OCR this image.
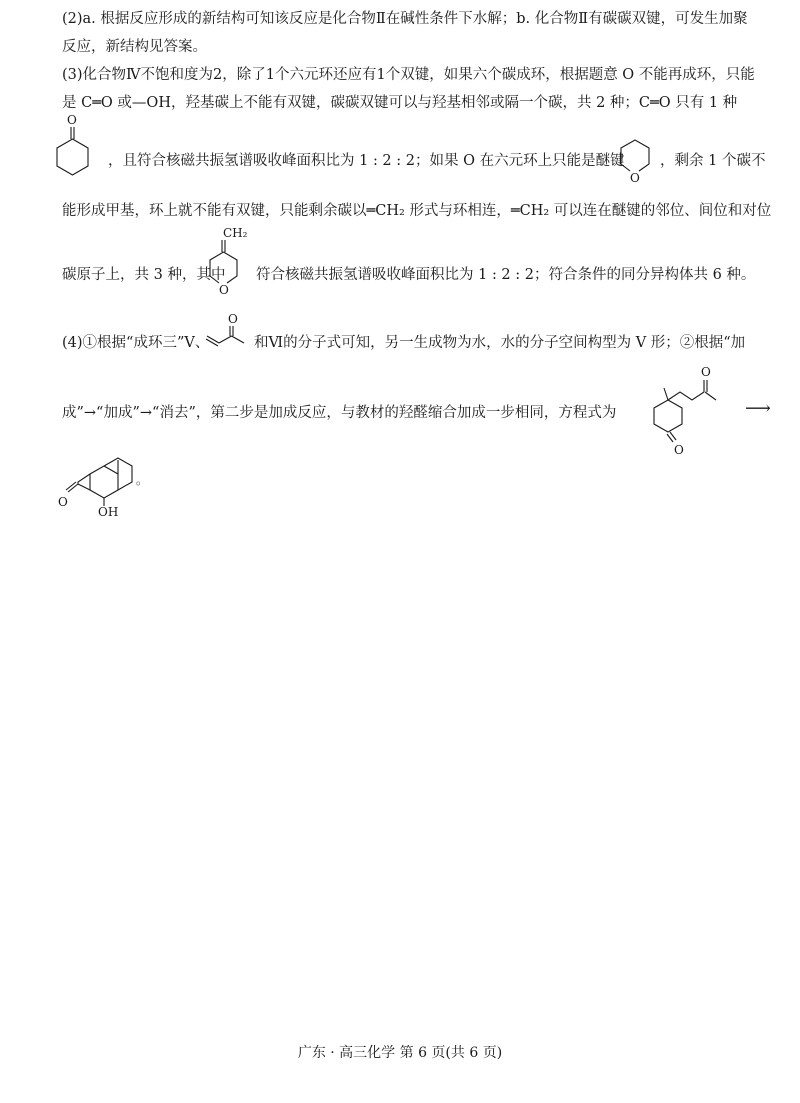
(2)a. 根据反应形成的新结构可知该反应是化合物Ⅱ在碱性条件下水解；b. 化合物Ⅱ有碳碳双键，可发生加聚
反应，新结构见答案。
(3)化合物Ⅳ不饱和度为2，除了1个六元环还应有1个双键，如果六个碳成环，根据题意 O 不能再成环，只能
是 C═O 或—OH，羟基碳上不能有双键，碳碳双键可以与羟基相邻或隔一个碳，共 2 种；C═O 只有 1 种
O
，且符合核磁共振氢谱吸收峰面积比为 1 : 2 : 2；如果 O 在六元环上只能是醚键
O
，剩余 1 个碳不
能形成甲基，环上就不能有双键，只能剩余碳以═CH₂ 形式与环相连，═CH₂ 可以连在醚键的邻位、间位和对位
CH₂
O
碳原子上，共 3 种，其中 符合核磁共振氢谱吸收峰面积比为 1 : 2 : 2；符合条件的同分异构体共 6 种。
O
(4)①根据“成环三”Ⅴ、	和Ⅵ的分子式可知，另一生成物为水，水的分子空间构型为 V 形；②根据“加
成”→“加成”→“消去”，第二步是加成反应，与教材的羟醛缩合加成一步相同，方程式为
O
O
⟶
O
OH
。
广东 · 高三化学 第 6 页(共 6 页)
